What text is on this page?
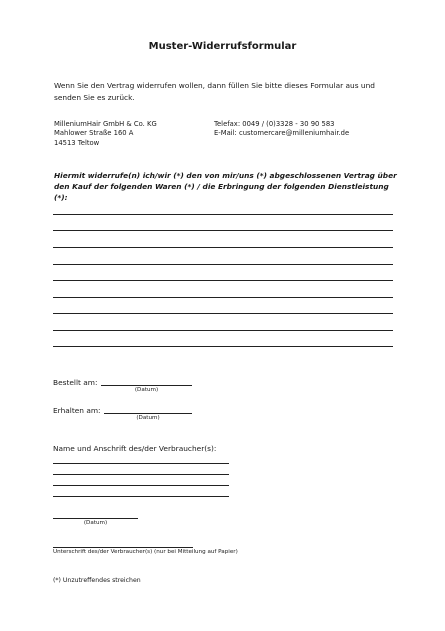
Muster-Widerrufsformular
Wenn Sie den Vertrag widerrufen wollen, dann füllen Sie bitte dieses Formular aus und senden Sie es zurück.
MilleniumHair GmbH & Co. KG
Mahlower Straße 160 A
14513 Teltow
Telefax: 0049 / (0)3328 - 30 90 583
E-Mail: customercare@milleniumhair.de
Hiermit widerrufe(n) ich/wir (*) den von mir/uns (*) abgeschlossenen Vertrag über den Kauf der folgenden Waren (*) / die Erbringung der folgenden Dienstleistung (*):
Bestellt am:
(Datum)
Erhalten am:
(Datum)
Name und Anschrift des/der Verbraucher(s):
(Datum)
Unterschrift des/der Verbraucher(s) (nur bei Mitteilung auf Papier)
(*) Unzutreffendes streichen
